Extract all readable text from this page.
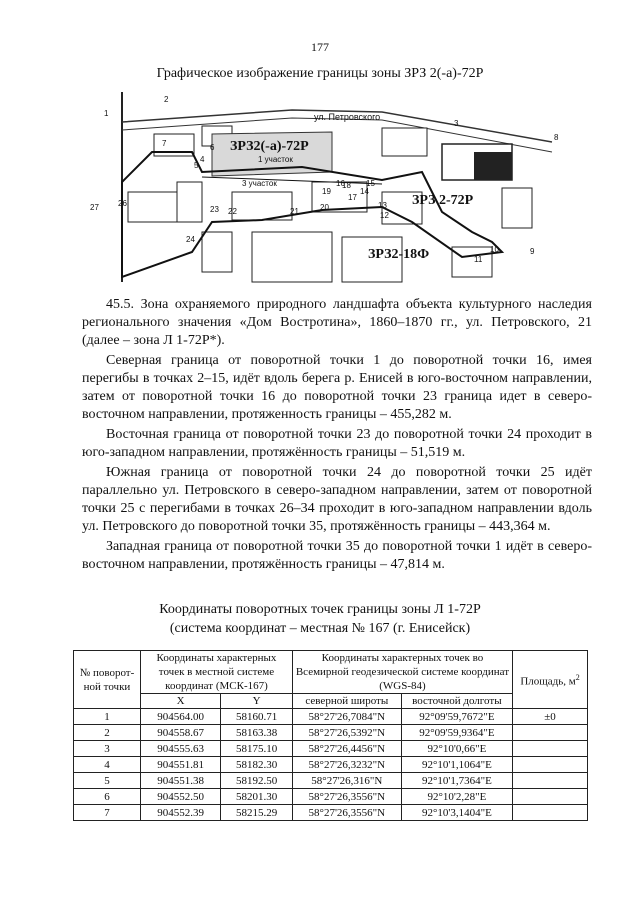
177
Графическое изображение границы зоны ЗРЗ 2(-а)-72Р
ЗРЗ2(-а)-72Р
ЗРЗ 2-72Р
ЗРЗ2-18Ф
ул. Петровского
1 участок
3 участок
1 2 3 4 5 6 7 8 9 10 11 12 13 14 15 16 17 18 19 20 21 22 23 24 26 27

45.5. Зона охраняемого природного ландшафта объекта культурного наследия регионального значения «Дом Востротина», 1860–1870 гг., ул. Петровского, 21 (далее – зона Л 1-72Р*).

Северная граница от поворотной точки 1 до поворотной точки 16, имея перегибы в точках 2–15, идёт вдоль берега р. Енисей в юго-восточном направлении, затем от поворотной точки 16 до поворотной точки 23 граница идет в северо-восточном направлении, протяженность границы – 455,282 м.

Восточная граница от поворотной точки 23 до поворотной точки 24 проходит в юго-западном направлении, протяжённость границы – 51,519 м.

Южная граница от поворотной точки 24 до поворотной точки 25 идёт параллельно ул. Петровского в северо-западном направлении, затем от поворотной точки 25 с перегибами в точках 26–34 проходит в юго-западном направлении вдоль ул. Петровского до поворотной точки 35, протяжённость границы – 443,364 м.

Западная граница от поворотной точки 35 до поворотной точки 1 идёт в северо-восточном направлении, протяжённость границы – 47,814 м.

Координаты поворотных точек границы зоны Л 1-72Р
(система координат – местная № 167 (г. Енисейск)
№ поворот-ной точки	Координаты характерных точек в местной системе координат (МСК-167)		Координаты характерных точек во Всемирной геодезической системе координат (WGS-84)		Площадь, $м^2$
	X	Y	северной широты	восточной долготы	
1	904564.00	58160.71	58°27'26,7084"N	92°09'59,7672"E	±0
2	904558.67	58163.38	58°27'26,5392"N	92°09'59,9364"E	
3	904555.63	58175.10	58°27'26,4456"N	92°10'0,66"E	
4	904551.81	58182.30	58°27'26,3232"N	92°10'1,1064"E	
5	904551.38	58192.50	58°27'26,316"N	92°10'1,7364"E	
6	904552.50	58201.30	58°27'26,3556"N	92°10'2,28"E	
7	904552.39	58215.29	58°27'26,3556"N	92°10'3,1404"E	
